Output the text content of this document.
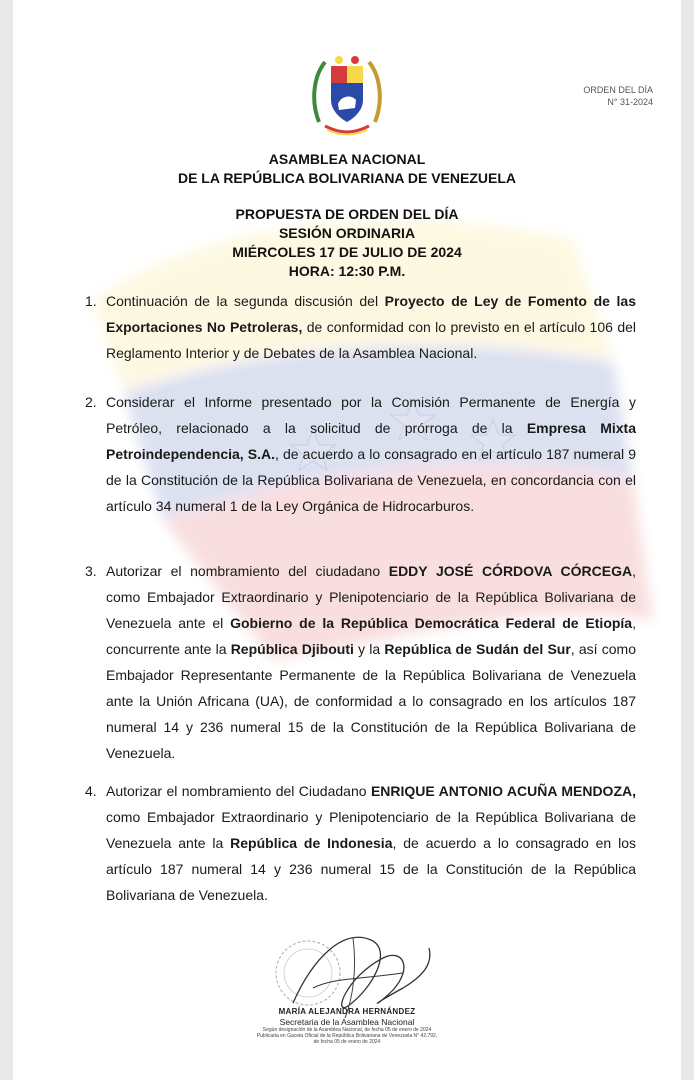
ORDEN DEL DÍA
N° 31-2024
ASAMBLEA NACIONAL
DE LA REPÚBLICA BOLIVARIANA DE VENEZUELA
PROPUESTA DE ORDEN DEL DÍA
SESIÓN ORDINARIA
MIÉRCOLES 17 DE JULIO DE 2024
HORA: 12:30 P.M.
1. Continuación de la segunda discusión del Proyecto de Ley de Fomento de las Exportaciones No Petroleras, de conformidad con lo previsto en el artículo 106 del Reglamento Interior y de Debates de la Asamblea Nacional.
2. Considerar el Informe presentado por la Comisión Permanente de Energía y Petróleo, relacionado a la solicitud de prórroga de la Empresa Mixta Petroindependencia, S.A., de acuerdo a lo consagrado en el artículo 187 numeral 9 de la Constitución de la República Bolivariana de Venezuela, en concordancia con el artículo 34 numeral 1 de la Ley Orgánica de Hidrocarburos.
3. Autorizar el nombramiento del ciudadano EDDY JOSÉ CÓRDOVA CÓRCEGA, como Embajador Extraordinario y Plenipotenciario de la República Bolivariana de Venezuela ante el Gobierno de la República Democrática Federal de Etiopía, concurrente ante la República Djibouti y la República de Sudán del Sur, así como Embajador Representante Permanente de la República Bolivariana de Venezuela ante la Unión Africana (UA), de conformidad a lo consagrado en los artículos 187 numeral 14 y 236 numeral 15 de la Constitución de la República Bolivariana de Venezuela.
4. Autorizar el nombramiento del Ciudadano ENRIQUE ANTONIO ACUÑA MENDOZA, como Embajador Extraordinario y Plenipotenciario de la República Bolivariana de Venezuela ante la República de Indonesia, de acuerdo a lo consagrado en los artículo 187 numeral 14 y 236 numeral 15 de la Constitución de la República Bolivariana de Venezuela.
MARÍA ALEJANDRA HERNÁNDEZ
Secretaria de la Asamblea Nacional
Según designación de la Asamblea Nacional, de fecha 05 de enero de 2024
Publicada en Gaceta Oficial de la República Bolivariana de Venezuela N° 42.792,
de fecha 05 de enero de 2024
